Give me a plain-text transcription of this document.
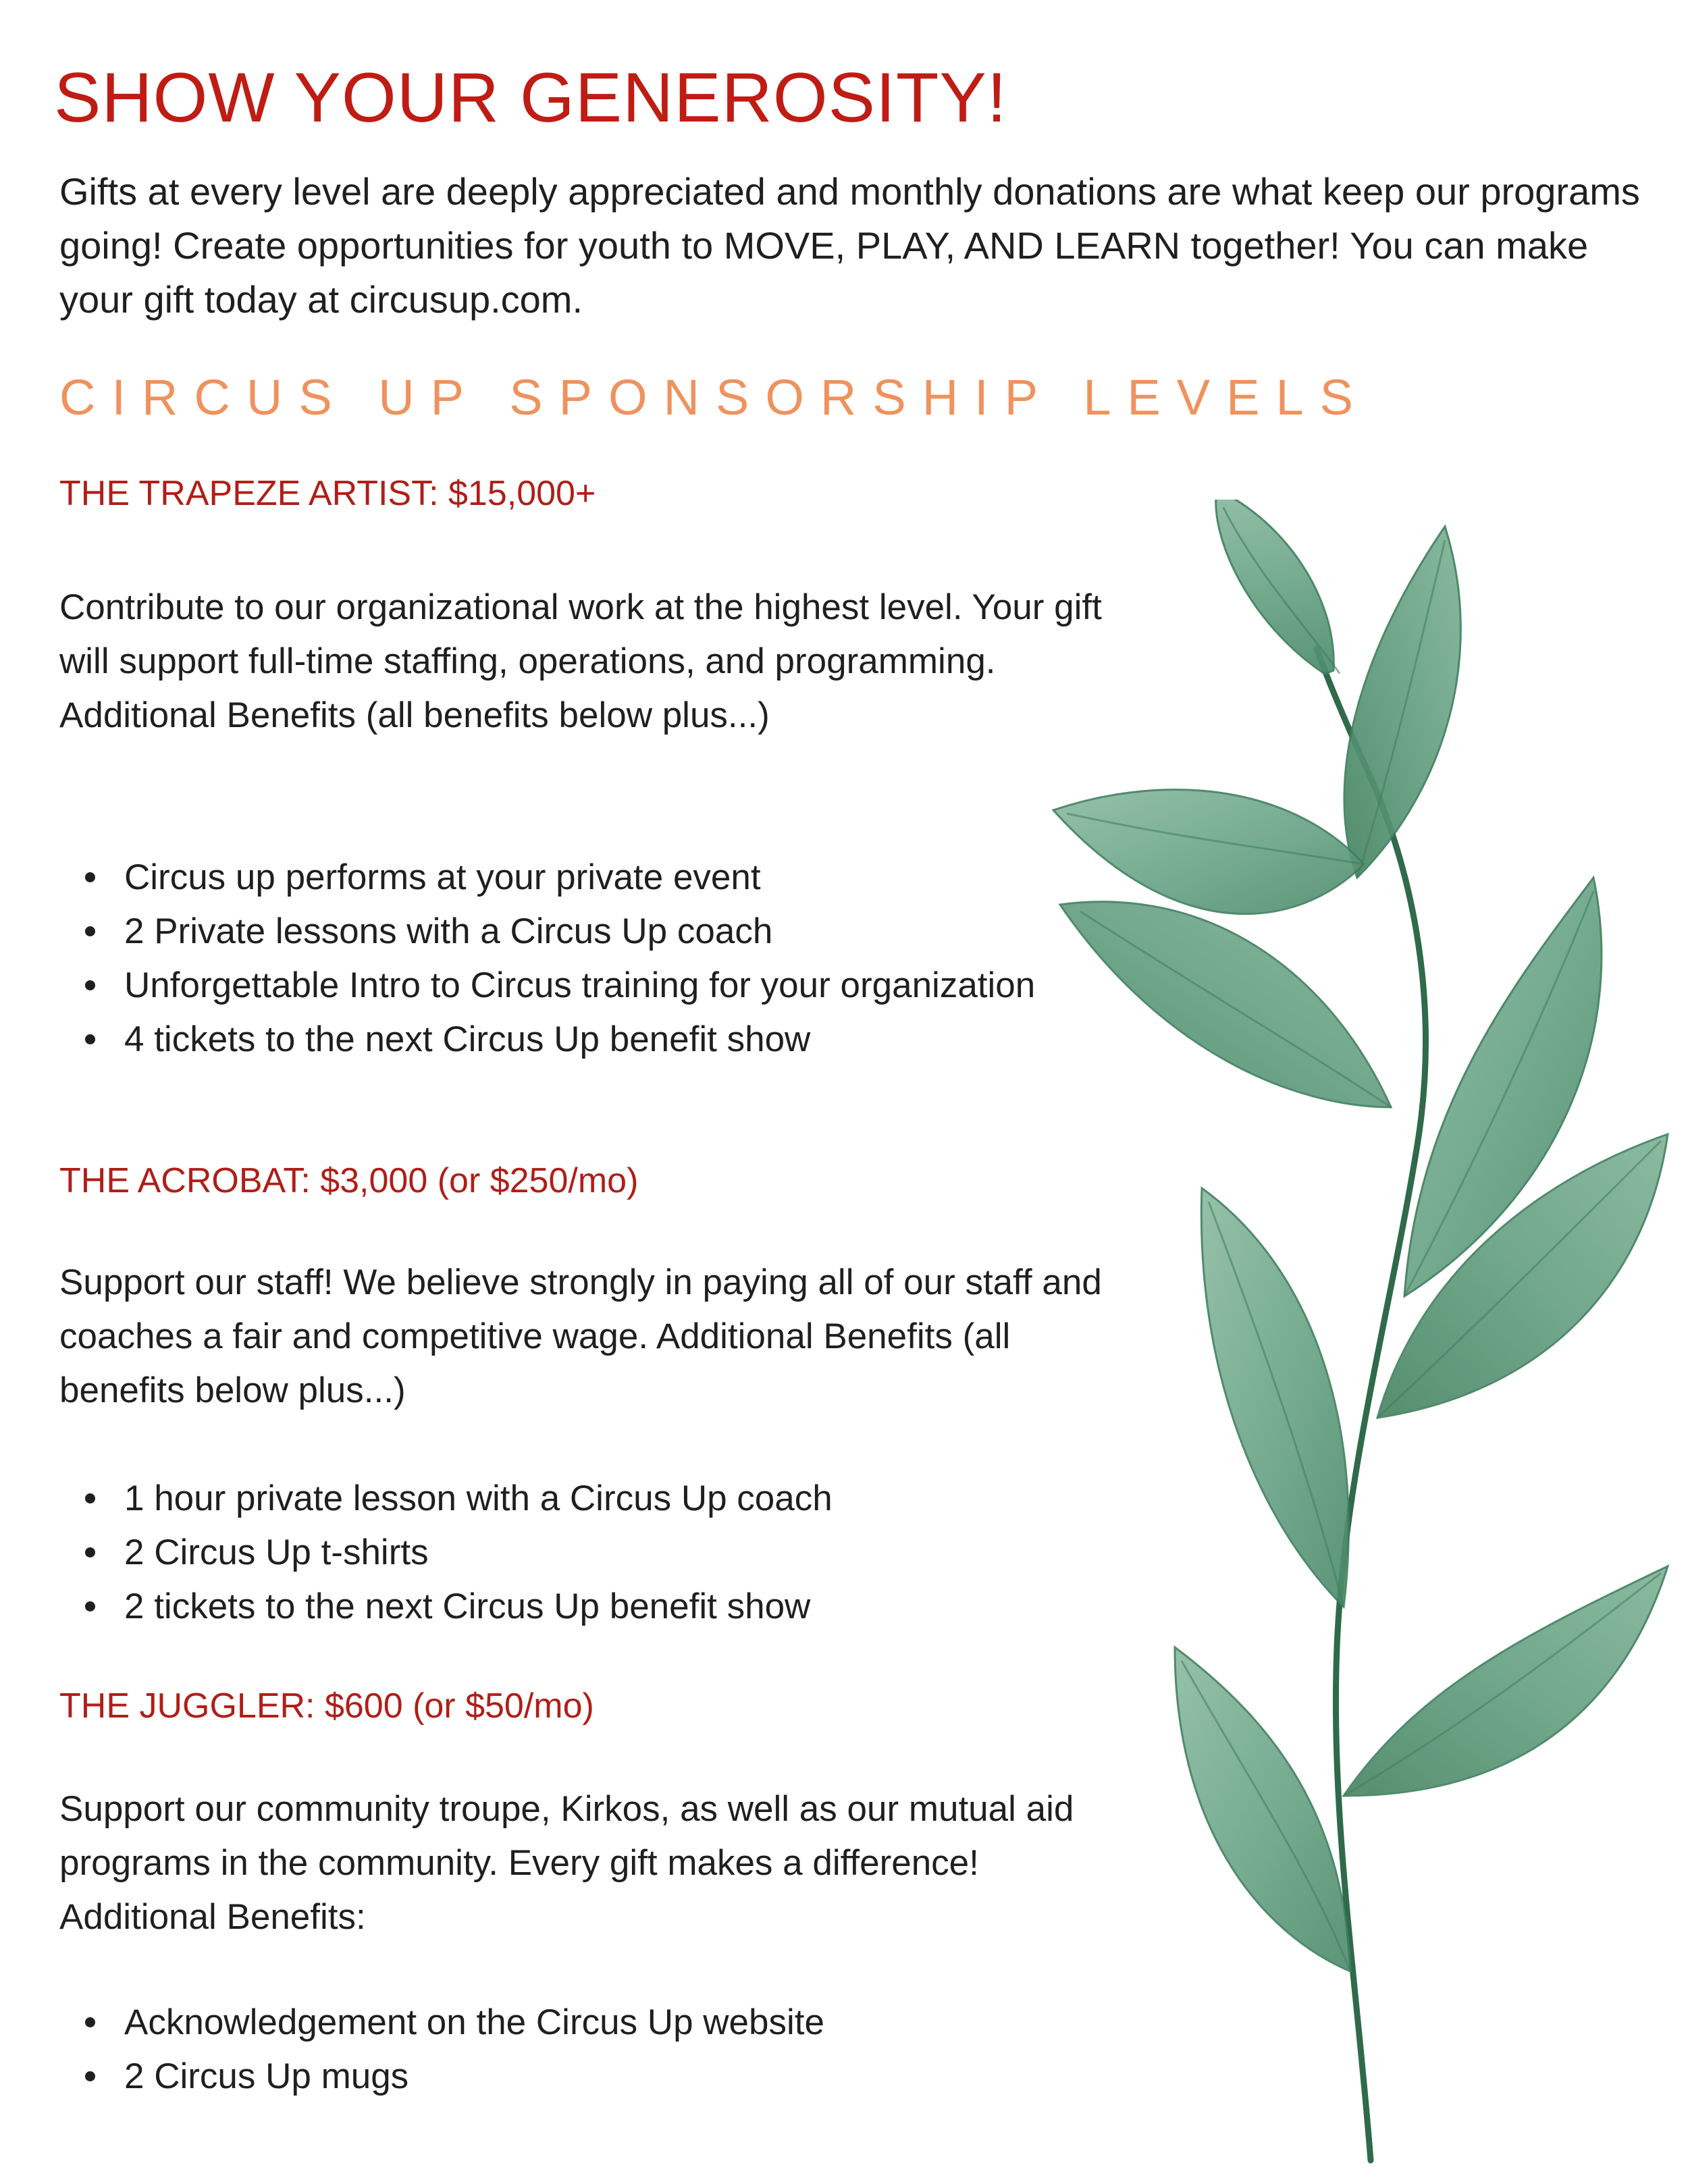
SHOW YOUR GENEROSITY!

Gifts at every level are deeply appreciated and monthly donations are what keep our programs going! Create opportunities for youth to MOVE, PLAY, AND LEARN together! You can make your gift today at circusup.com.

CIRCUS UP SPONSORSHIP LEVELS
THE TRAPEZE ARTIST: $15,000+

Contribute to our organizational work at the highest level. Your gift will support full-time staffing, operations, and programming. Additional Benefits (all benefits below plus...)

Circus up performs at your private event
2 Private lessons with a Circus Up coach
Unforgettable Intro to Circus training for your organization
4 tickets to the next Circus Up benefit show
THE ACROBAT: $3,000 (or $250/mo)

Support our staff! We believe strongly in paying all of our staff and coaches a fair and competitive wage. Additional Benefits (all benefits below plus...)

1 hour private lesson with a Circus Up coach
2 Circus Up t-shirts
2 tickets to the next Circus Up benefit show
THE JUGGLER: $600 (or $50/mo)

Support our community troupe, Kirkos, as well as our mutual aid programs in the community. Every gift makes a difference! Additional Benefits:

Acknowledgement on the Circus Up website
2 Circus Up mugs
